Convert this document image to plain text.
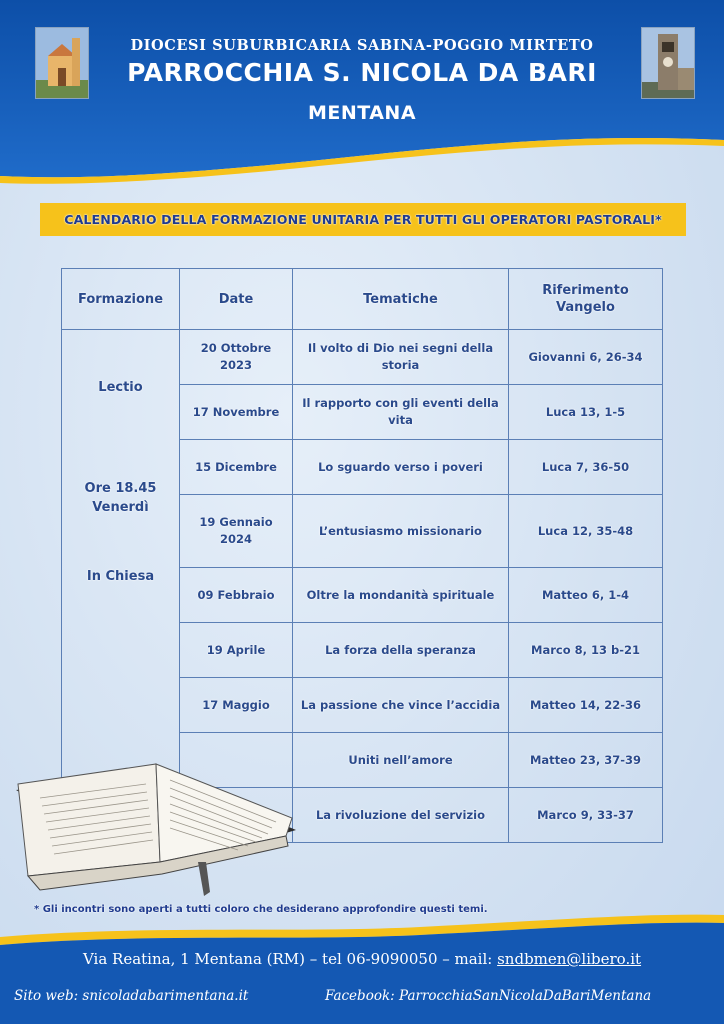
DIOCESI SUBURBICARIA SABINA-POGGIO MIRTETO
PARROCCHIA S. NICOLA DA BARI
MENTANA
CALENDARIO DELLA FORMAZIONE UNITARIA PER TUTTI GLI OPERATORI PASTORALI*
Formazione	Date	Tematiche	Riferimento Vangelo

Lectio
Ore 18.45
Venerdì
In Chiesa	20 Ottobre 2023	Il volto di Dio nei segni della storia	Giovanni 6, 26-34
	17 Novembre	Il rapporto con gli eventi della vita	Luca 13, 1-5
	15 Dicembre	Lo sguardo verso i poveri	Luca 7, 36-50
	19 Gennaio 2024	L’entusiasmo missionario	Luca 12, 35-48
	09 Febbraio	Oltre la mondanità spirituale	Matteo 6, 1-4
	19 Aprile	La forza della speranza	Marco 8, 13 b-21
	17 Maggio	La passione che vince l’accidia	Matteo 14, 22-36
		Uniti nell’amore	Matteo 23, 37-39
		La rivoluzione del servizio	Marco 9, 33-37
* Gli incontri sono aperti a tutti coloro che desiderano approfondire questi temi.
Via Reatina, 1 Mentana (RM) – tel 06-9090050 – mail: sndbmen@libero.it
Sito web: snicoladabarimentana.it	Facebook: ParrocchiaSanNicolaDaBariMentana
